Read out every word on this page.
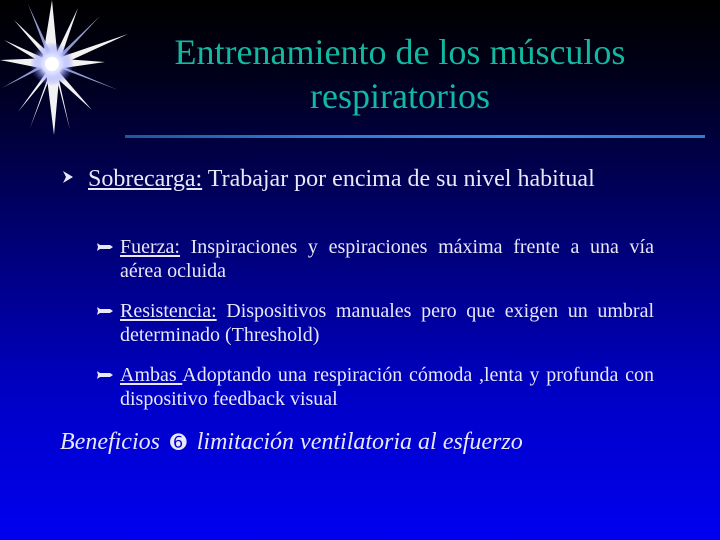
Entrenamiento de los músculos
respiratorios
Sobrecarga: Trabajar por encima de su nivel habitual
Fuerza: Inspiraciones y espiraciones máxima frente a una vía aérea ocluida
Resistencia: Dispositivos manuales pero que exigen un umbral determinado (Threshold)
Ambas Adoptando una respiración cómoda ,lenta y profunda con dispositivo feedback visual
Beneficios ➏ limitación ventilatoria al esfuerzo
